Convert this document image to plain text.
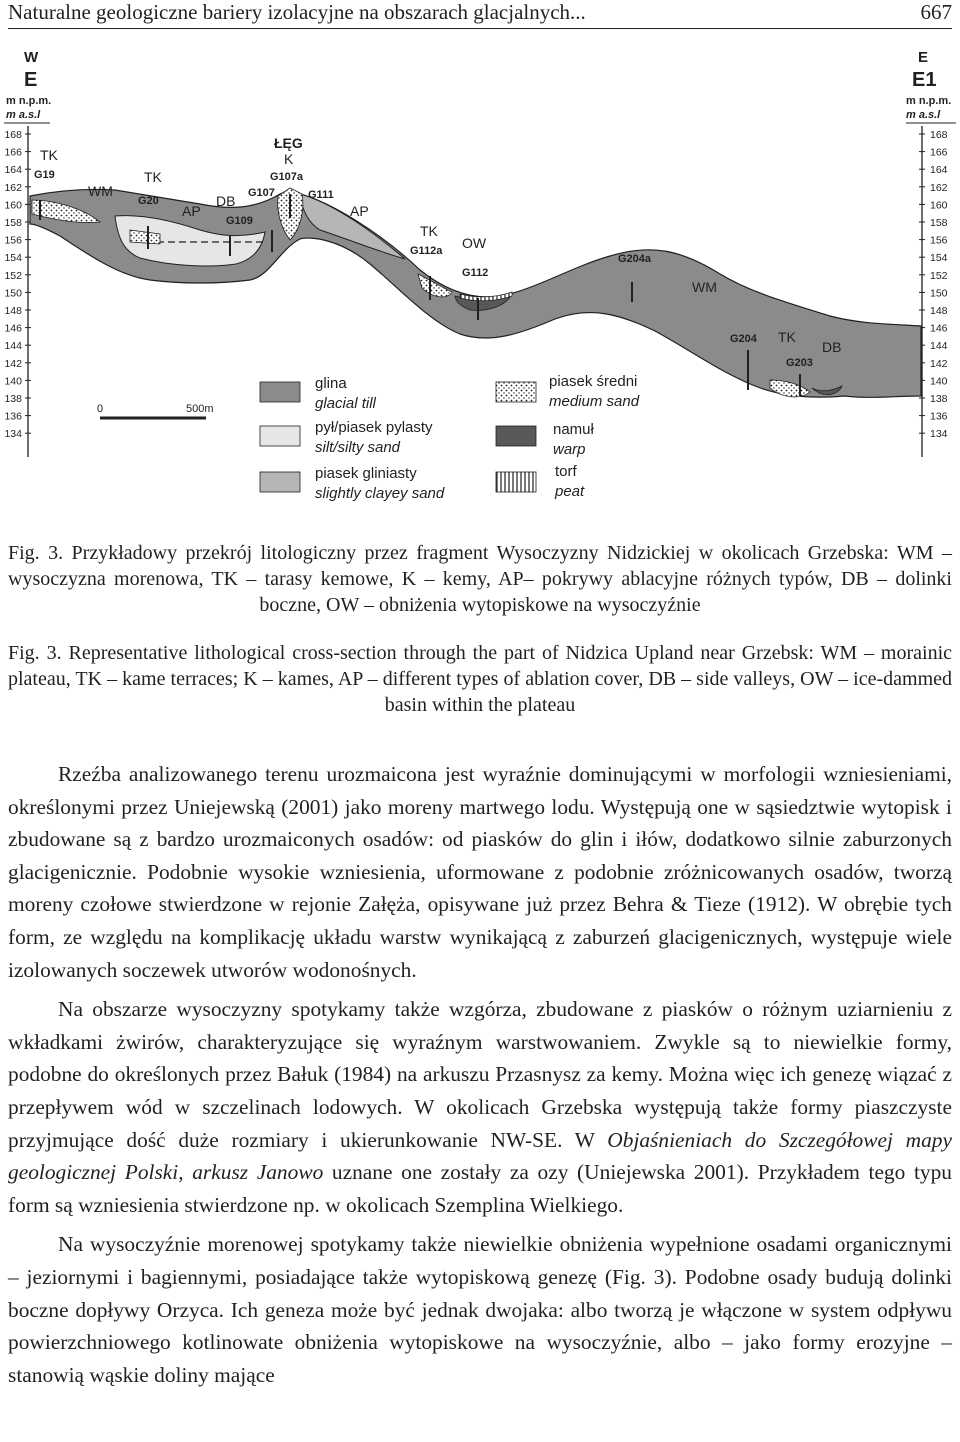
Naturalne geologiczne bariery izolacyjne na obszarach glacjalnych...	667
W
E
m n.p.m.
m a.s.l
168
166
164
162
160
158
156
154
152
150
148
146
144
142
140
138
136
134
E
E1
m n.p.m.
m a.s.l
168
166
164
162
160
158
156
154
152
150
148
146
144
142
140
138
136
134
TK
G19
WM
TK
G20
AP
DB
G109
ŁĘG
K
G107a
G107	G111
AP
TK
G112a OW
G112
G204a
WM
G204 TK
G203
DB
0	500m
glina
glacial till
pył/piasek pylasty
silt/silty sand
piasek gliniasty
slightly clayey sand
piasek średni
medium sand
namuł
warp
torf
peat
Fig. 3. Przykładowy przekrój litologiczny przez fragment Wysoczyzny Nidzickiej w okolicach Grzebska: WM – wysoczyzna morenowa, TK – tarasy kemowe, K – kemy, AP– pokrywy ablacyjne różnych typów, DB – dolinki boczne, OW – obniżenia wytopiskowe na wysoczyźnie
Fig. 3. Representative lithological cross-section through the part of Nidzica Upland near Grzebsk: WM – morainic plateau, TK – kame terraces; K – kames, AP – different types of ablation cover, DB – side valleys, OW – ice-dammed basin within the plateau

Rzeźba analizowanego terenu urozmaicona jest wyraźnie dominującymi w morfologii wzniesieniami, określonymi przez Uniejewską (2001) jako moreny martwego lodu. Występują one w sąsiedztwie wytopisk i zbudowane są z bardzo urozmaiconych osadów: od piasków do glin i iłów, dodatkowo silnie zaburzonych glacigenicznie. Podobnie wysokie wzniesienia, uformowane z podobnie zróżnicowanych osadów, tworzą moreny czołowe stwierdzone w rejonie Załęża, opisywane już przez Behra & Tieze (1912). W obrębie tych form, ze względu na komplikację układu warstw wynikającą z zaburzeń glacigenicznych, występuje wiele izolowanych soczewek utworów wodonośnych.

Na obszarze wysoczyzny spotykamy także wzgórza, zbudowane z piasków o różnym uziarnieniu z wkładkami żwirów, charakteryzujące się wyraźnym warstwowaniem. Zwykle są to niewielkie formy, podobne do określonych przez Bałuk (1984) na arkuszu Przasnysz za kemy. Można więc ich genezę wiązać z przepływem wód w szczelinach lodowych. W okolicach Grzebska występują także formy piaszczyste przyjmujące dość duże rozmiary i ukierunkowanie NW-SE. W Objaśnieniach do Szczegółowej mapy geologicznej Polski, arkusz Janowo uznane one zostały za ozy (Uniejewska 2001). Przykładem tego typu form są wzniesienia stwierdzone np. w okolicach Szemplina Wielkiego.

Na wysoczyźnie morenowej spotykamy także niewielkie obniżenia wypełnione osadami organicznymi – jeziornymi i bagiennymi, posiadające także wytopiskową genezę (Fig. 3). Podobne osady budują dolinki boczne dopływy Orzyca. Ich geneza może być jednak dwojaka: albo tworzą je włączone w system odpływu powierzchniowego kotlinowate obniżenia wytopiskowe na wysoczyźnie, albo – jako formy erozyjne – stanowią wąskie doliny mające
